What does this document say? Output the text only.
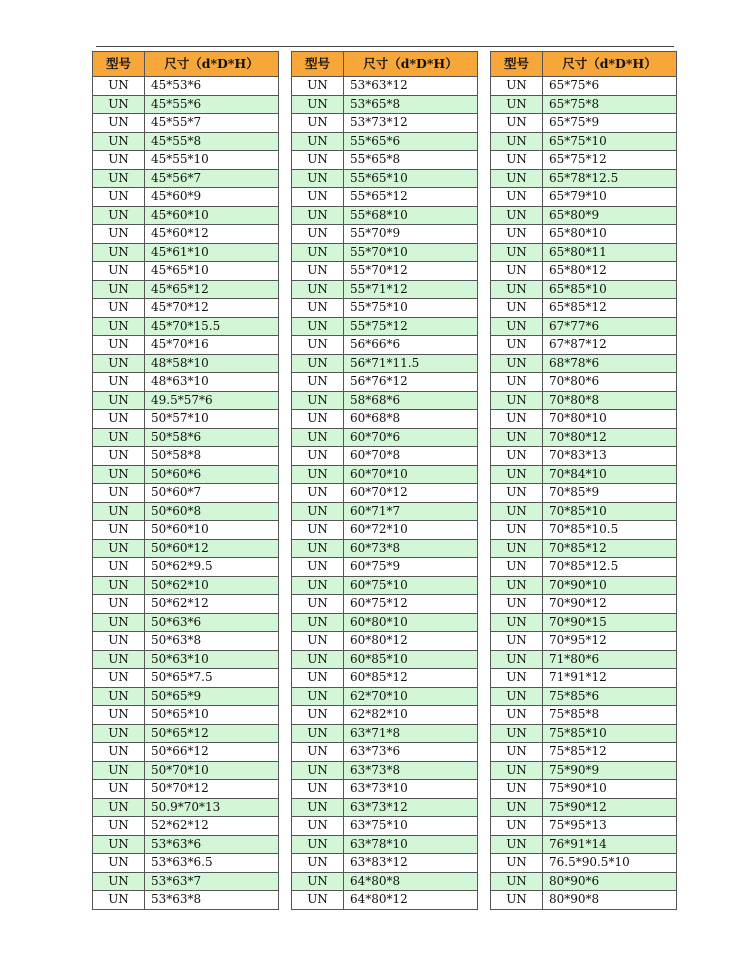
型号	尺寸（d*D*H）
UN	45*53*6
UN	45*55*6
UN	45*55*7
UN	45*55*8
UN	45*55*10
UN	45*56*7
UN	45*60*9
UN	45*60*10
UN	45*60*12
UN	45*61*10
UN	45*65*10
UN	45*65*12
UN	45*70*12
UN	45*70*15.5
UN	45*70*16
UN	48*58*10
UN	48*63*10
UN	49.5*57*6
UN	50*57*10
UN	50*58*6
UN	50*58*8
UN	50*60*6
UN	50*60*7
UN	50*60*8
UN	50*60*10
UN	50*60*12
UN	50*62*9.5
UN	50*62*10
UN	50*62*12
UN	50*63*6
UN	50*63*8
UN	50*63*10
UN	50*65*7.5
UN	50*65*9
UN	50*65*10
UN	50*65*12
UN	50*66*12
UN	50*70*10
UN	50*70*12
UN	50.9*70*13
UN	52*62*12
UN	53*63*6
UN	53*63*6.5
UN	53*63*7
UN	53*63*8
型号	尺寸（d*D*H）
UN	53*63*12
UN	53*65*8
UN	53*73*12
UN	55*65*6
UN	55*65*8
UN	55*65*10
UN	55*65*12
UN	55*68*10
UN	55*70*9
UN	55*70*10
UN	55*70*12
UN	55*71*12
UN	55*75*10
UN	55*75*12
UN	56*66*6
UN	56*71*11.5
UN	56*76*12
UN	58*68*6
UN	60*68*8
UN	60*70*6
UN	60*70*8
UN	60*70*10
UN	60*70*12
UN	60*71*7
UN	60*72*10
UN	60*73*8
UN	60*75*9
UN	60*75*10
UN	60*75*12
UN	60*80*10
UN	60*80*12
UN	60*85*10
UN	60*85*12
UN	62*70*10
UN	62*82*10
UN	63*71*8
UN	63*73*6
UN	63*73*8
UN	63*73*10
UN	63*73*12
UN	63*75*10
UN	63*78*10
UN	63*83*12
UN	64*80*8
UN	64*80*12
型号	尺寸（d*D*H）
UN	65*75*6
UN	65*75*8
UN	65*75*9
UN	65*75*10
UN	65*75*12
UN	65*78*12.5
UN	65*79*10
UN	65*80*9
UN	65*80*10
UN	65*80*11
UN	65*80*12
UN	65*85*10
UN	65*85*12
UN	67*77*6
UN	67*87*12
UN	68*78*6
UN	70*80*6
UN	70*80*8
UN	70*80*10
UN	70*80*12
UN	70*83*13
UN	70*84*10
UN	70*85*9
UN	70*85*10
UN	70*85*10.5
UN	70*85*12
UN	70*85*12.5
UN	70*90*10
UN	70*90*12
UN	70*90*15
UN	70*95*12
UN	71*80*6
UN	71*91*12
UN	75*85*6
UN	75*85*8
UN	75*85*10
UN	75*85*12
UN	75*90*9
UN	75*90*10
UN	75*90*12
UN	75*95*13
UN	76*91*14
UN	76.5*90.5*10
UN	80*90*6
UN	80*90*8
